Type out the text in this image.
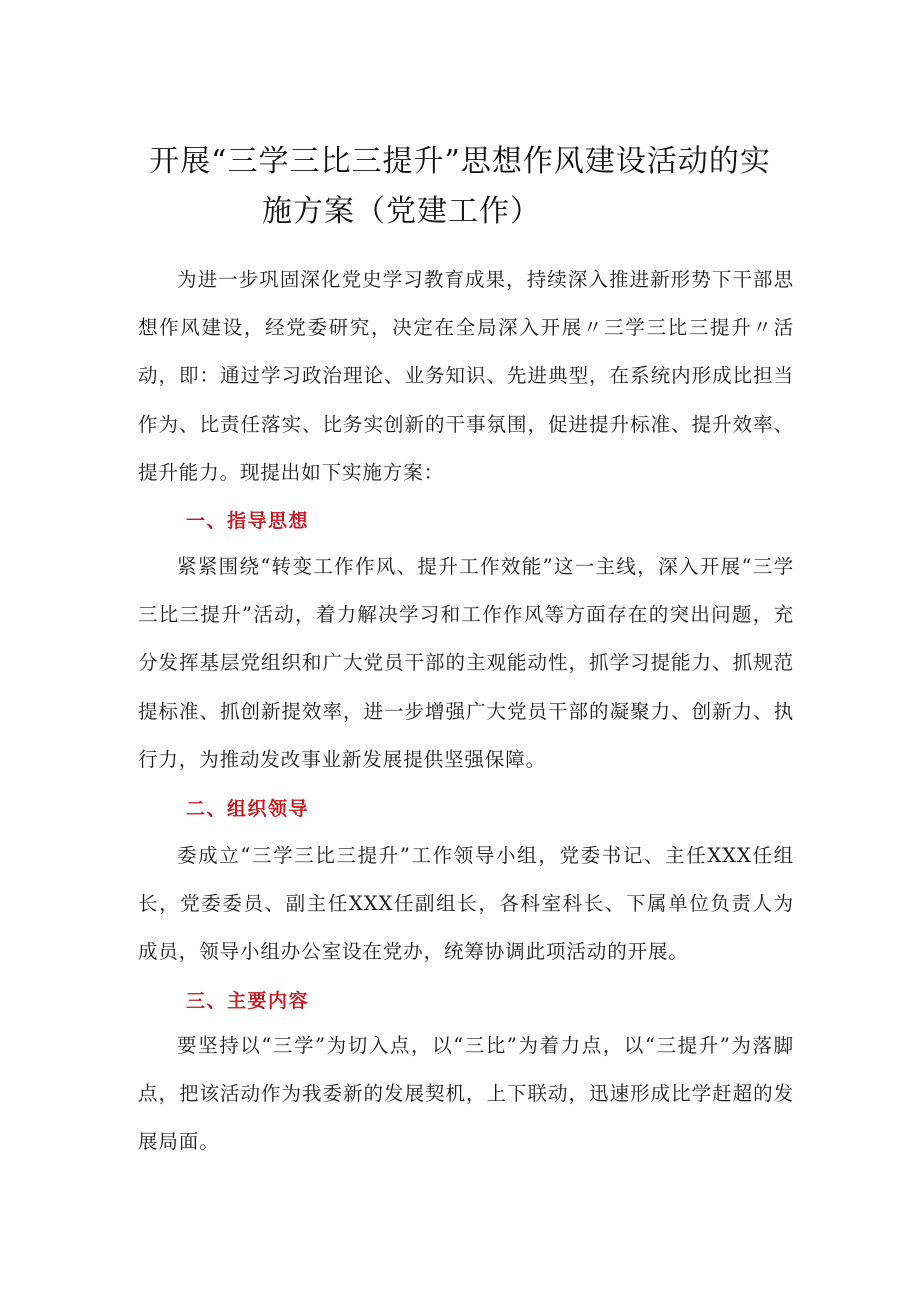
开展“三学三比三提升”思想作风建设活动的实
施方案（党建工作）

为进一步巩固深化党史学习教育成果，持续深入推进新形势下干部思想作风建设，经党委研究，决定在全局深入开展〃三学三比三提升〃活动，即：通过学习政治理论、业务知识、先进典型，在系统内形成比担当作为、比责任落实、比务实创新的干事氛围，促进提升标准、提升效率、提升能力。现提出如下实施方案：

一、指导思想

紧紧围绕“转变工作作风、提升工作效能”这一主线，深入开展“三学三比三提升”活动，着力解决学习和工作作风等方面存在的突出问题，充分发挥基层党组织和广大党员干部的主观能动性，抓学习提能力、抓规范提标准、抓创新提效率，进一步增强广大党员干部的凝聚力、创新力、执行力，为推动发改事业新发展提供坚强保障。

二、组织领导

委成立“三学三比三提升”工作领导小组，党委书记、主任XXX任组长，党委委员、副主任XXX任副组长，各科室科长、下属单位负责人为成员，领导小组办公室设在党办，统筹协调此项活动的开展。

三、主要内容

要坚持以“三学”为切入点，以“三比”为着力点，以“三提升”为落脚点，把该活动作为我委新的发展契机，上下联动，迅速形成比学赶超的发展局面。
